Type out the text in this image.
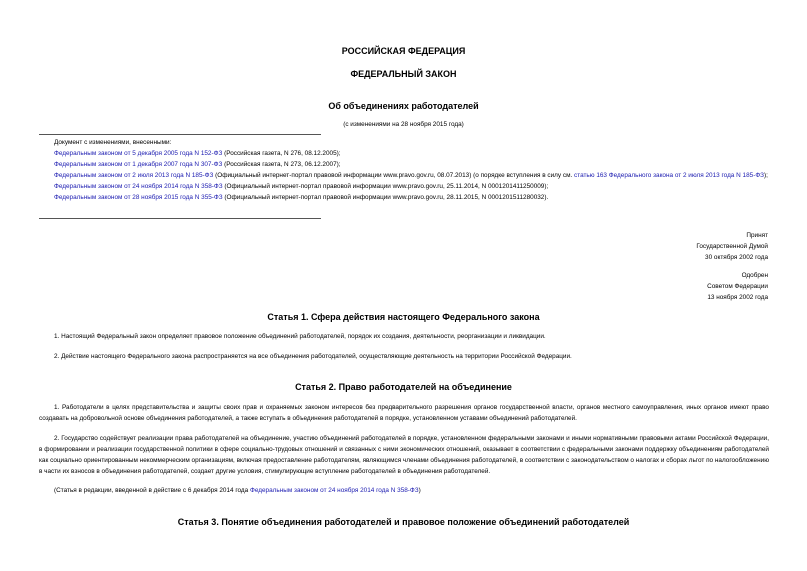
РОССИЙСКАЯ ФЕДЕРАЦИЯ
ФЕДЕРАЛЬНЫЙ ЗАКОН
Об объединениях работодателей
(с изменениями на 28 ноября 2015 года)
Документ с изменениями, внесенными:
Федеральным законом от 5 декабря 2005 года N 152-ФЗ (Российская газета, N 276, 08.12.2005);
Федеральным законом от 1 декабря 2007 года N 307-ФЗ (Российская газета, N 273, 06.12.2007);
Федеральным законом от 2 июля 2013 года N 185-ФЗ (Официальный интернет-портал правовой информации www.pravo.gov.ru, 08.07.2013) (о порядке вступления в силу см. статью 163 Федерального закона от 2 июля 2013 года N 185-ФЗ);
Федеральным законом от 24 ноября 2014 года N 358-ФЗ (Официальный интернет-портал правовой информации www.pravo.gov.ru, 25.11.2014, N 0001201411250009);
Федеральным законом от 28 ноября 2015 года N 355-ФЗ (Официальный интернет-портал правовой информации www.pravo.gov.ru, 28.11.2015, N 0001201511280032).
Принят
Государственной Думой
30 октября 2002 года
Одобрен
Советом Федерации
13 ноября 2002 года
Статья 1. Сфера действия настоящего Федерального закона
1. Настоящий Федеральный закон определяет правовое положение объединений работодателей, порядок их создания, деятельности, реорганизации и ликвидации.
2. Действие настоящего Федерального закона распространяется на все объединения работодателей, осуществляющие деятельность на территории Российской Федерации.
Статья 2. Право работодателей на объединение
1. Работодатели в целях представительства и защиты своих прав и охраняемых законом интересов без предварительного разрешения органов государственной власти, органов местного самоуправления, иных органов имеют право создавать на добровольной основе объединения работодателей, а также вступать в объединения работодателей в порядке, установленном уставами объединений работодателей.
2. Государство содействует реализации права работодателей на объединение, участию объединений работодателей в порядке, установленном федеральными законами и иными нормативными правовыми актами Российской Федерации, в формировании и реализации государственной политики в сфере социально-трудовых отношений и связанных с ними экономических отношений, оказывает в соответствии с федеральными законами поддержку объединениям работодателей как социально ориентированным некоммерческим организациям, включая предоставление работодателям, являющимся членами объединения работодателей, в соответствии с законодательством о налогах и сборах льгот по налогообложению в части их взносов в объединения работодателей, создает другие условия, стимулирующие вступление работодателей в объединения работодателей.
(Статья в редакции, введенной в действие с 6 декабря 2014 года Федеральным законом от 24 ноября 2014 года N 358-ФЗ)
Статья 3. Понятие объединения работодателей и правовое положение объединений работодателей
